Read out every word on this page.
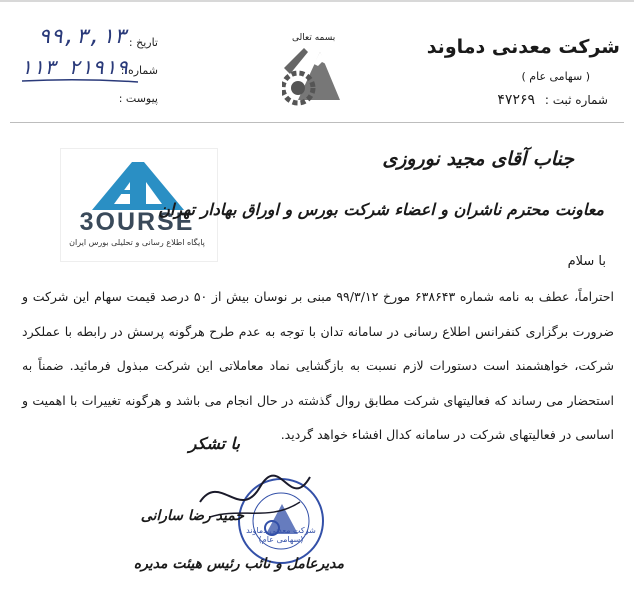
تاریخ :
۹۹,۳,۱۳
شماره :
۱۱۳ ۲۱۹۱۹
پیوست :
بسمه تعالی	شرکت معدنی دماوند
( سهامی عام )
شماره ثبت : ۴۷۲۶۹
3OURSE
پایگاه اطلاع رسانی و تحلیلی بورس ایران
جناب آقای مجید نوروزی
معاونت محترم ناشران و اعضاء شرکت بورس و اوراق بهادار تهران
با سلام
احتراماً، عطف به نامه شماره ۶۳۸۶۴۳ مورخ ۹۹/۳/۱۲ مبنی بر نوسان بیش از ۵۰ درصد قیمت سهام این شرکت و ضرورت برگزاری کنفرانس اطلاع رسانی در سامانه تدان با توجه به عدم طرح هرگونه پرسش در رابطه با عملکرد شرکت، خواهشمند است دستورات لازم نسبت به بازگشایی نماد معاملاتی این شرکت مبذول فرمائید. ضمناً به استحضار می رساند که فعالیتهای شرکت مطابق روال گذشته در حال انجام می باشد و هرگونه تغییرات با اهمیت و اساسی در فعالیتهای شرکت در سامانه کدال افشاء خواهد گردید.
با تشکر
شرکت معدنی دماوند (سهامی عام)
حمید رضا سارانی
مدیرعامل و نائب رئیس هیئت مدیره
